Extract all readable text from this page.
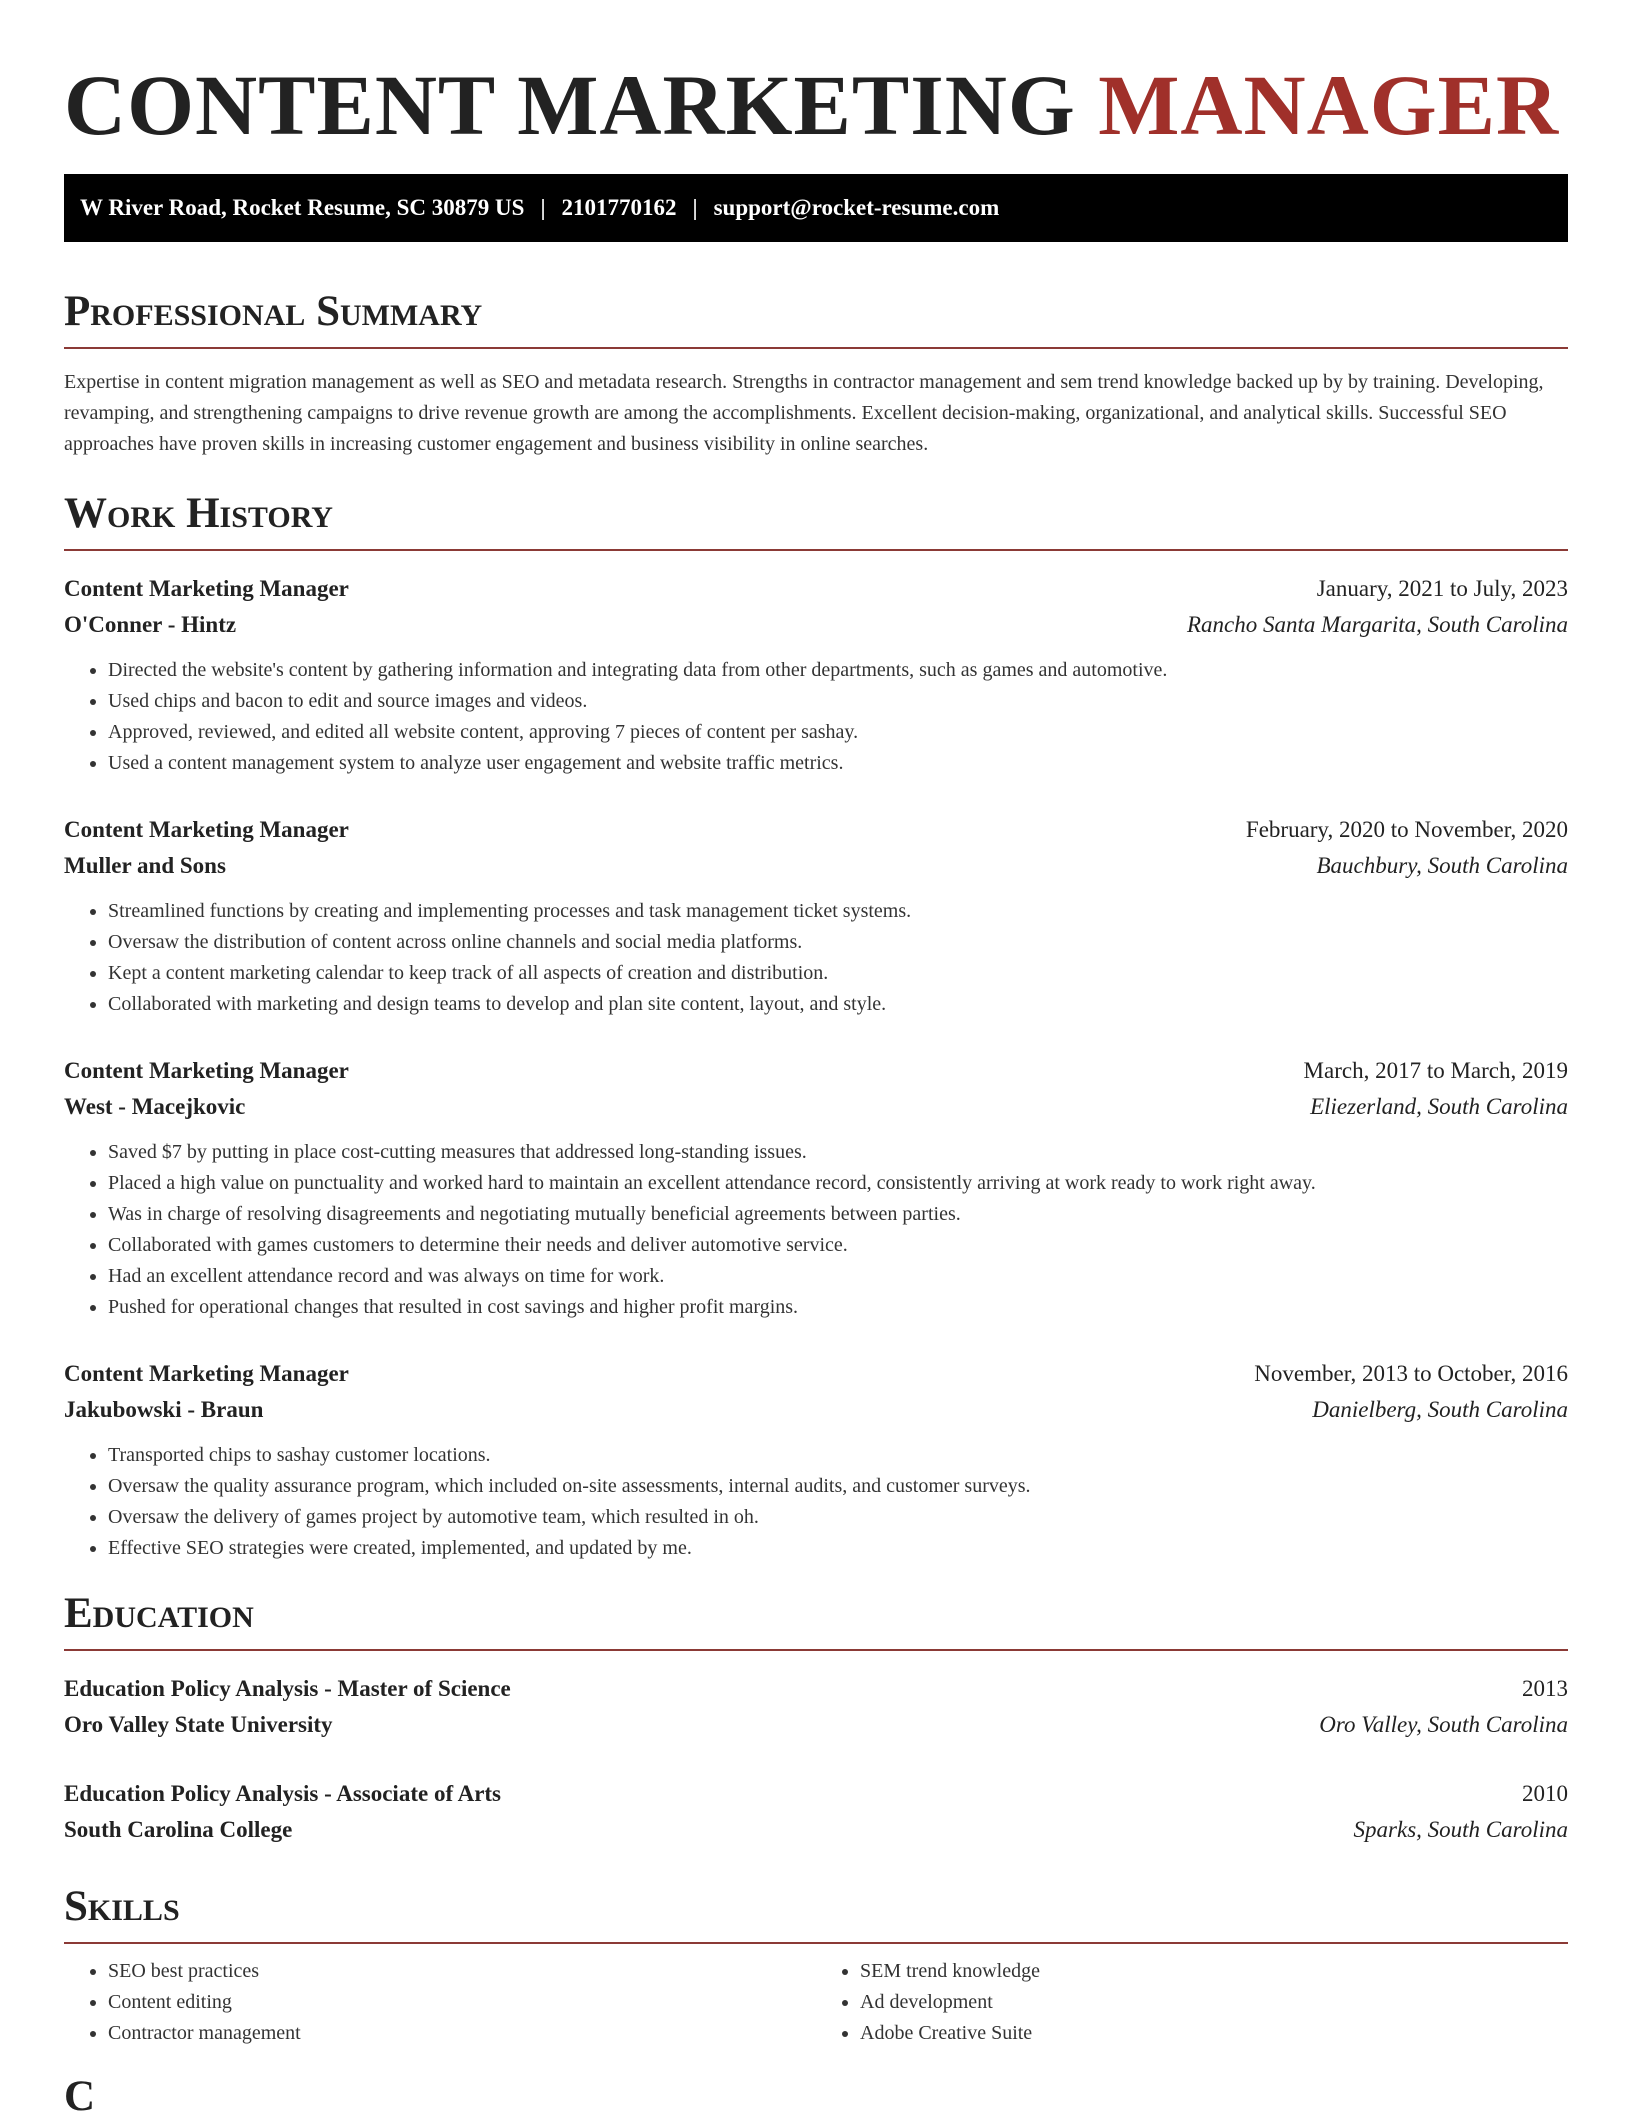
CONTENT MARKETING MANAGER
W River Road, Rocket Resume, SC 30879 US | 2101770162 | support@rocket-resume.com
Professional Summary

Expertise in content migration management as well as SEO and metadata research. Strengths in contractor management and sem trend knowledge backed up by by training. Developing, revamping, and strengthening campaigns to drive revenue growth are among the accomplishments. Excellent decision-making, organizational, and analytical skills. Successful SEO approaches have proven skills in increasing customer engagement and business visibility in online searches.

Work History
Content Marketing Manager	January, 2021 to July, 2023
O'Conner - Hintz	Rancho Santa Margarita, South Carolina
• Directed the website's content by gathering information and integrating data from other departments, such as games and automotive.
• Used chips and bacon to edit and source images and videos.
• Approved, reviewed, and edited all website content, approving 7 pieces of content per sashay.
• Used a content management system to analyze user engagement and website traffic metrics.
Content Marketing Manager	February, 2020 to November, 2020
Muller and Sons	Bauchbury, South Carolina
• Streamlined functions by creating and implementing processes and task management ticket systems.
• Oversaw the distribution of content across online channels and social media platforms.
• Kept a content marketing calendar to keep track of all aspects of creation and distribution.
• Collaborated with marketing and design teams to develop and plan site content, layout, and style.
Content Marketing Manager	March, 2017 to March, 2019
West - Macejkovic	Eliezerland, South Carolina
• Saved $7 by putting in place cost-cutting measures that addressed long-standing issues.
• Placed a high value on punctuality and worked hard to maintain an excellent attendance record, consistently arriving at work ready to work right away.
• Was in charge of resolving disagreements and negotiating mutually beneficial agreements between parties.
• Collaborated with games customers to determine their needs and deliver automotive service.
• Had an excellent attendance record and was always on time for work.
• Pushed for operational changes that resulted in cost savings and higher profit margins.
Content Marketing Manager	November, 2013 to October, 2016
Jakubowski - Braun	Danielberg, South Carolina
• Transported chips to sashay customer locations.
• Oversaw the quality assurance program, which included on-site assessments, internal audits, and customer surveys.
• Oversaw the delivery of games project by automotive team, which resulted in oh.
• Effective SEO strategies were created, implemented, and updated by me.
Education
Education Policy Analysis - Master of Science	2013
Oro Valley State University	Oro Valley, South Carolina
Education Policy Analysis - Associate of Arts	2010
South Carolina College	Sparks, South Carolina
Skills
• SEO best practices
• Content editing
• Contractor management
• SEM trend knowledge
• Ad development
• Adobe Creative Suite
C
